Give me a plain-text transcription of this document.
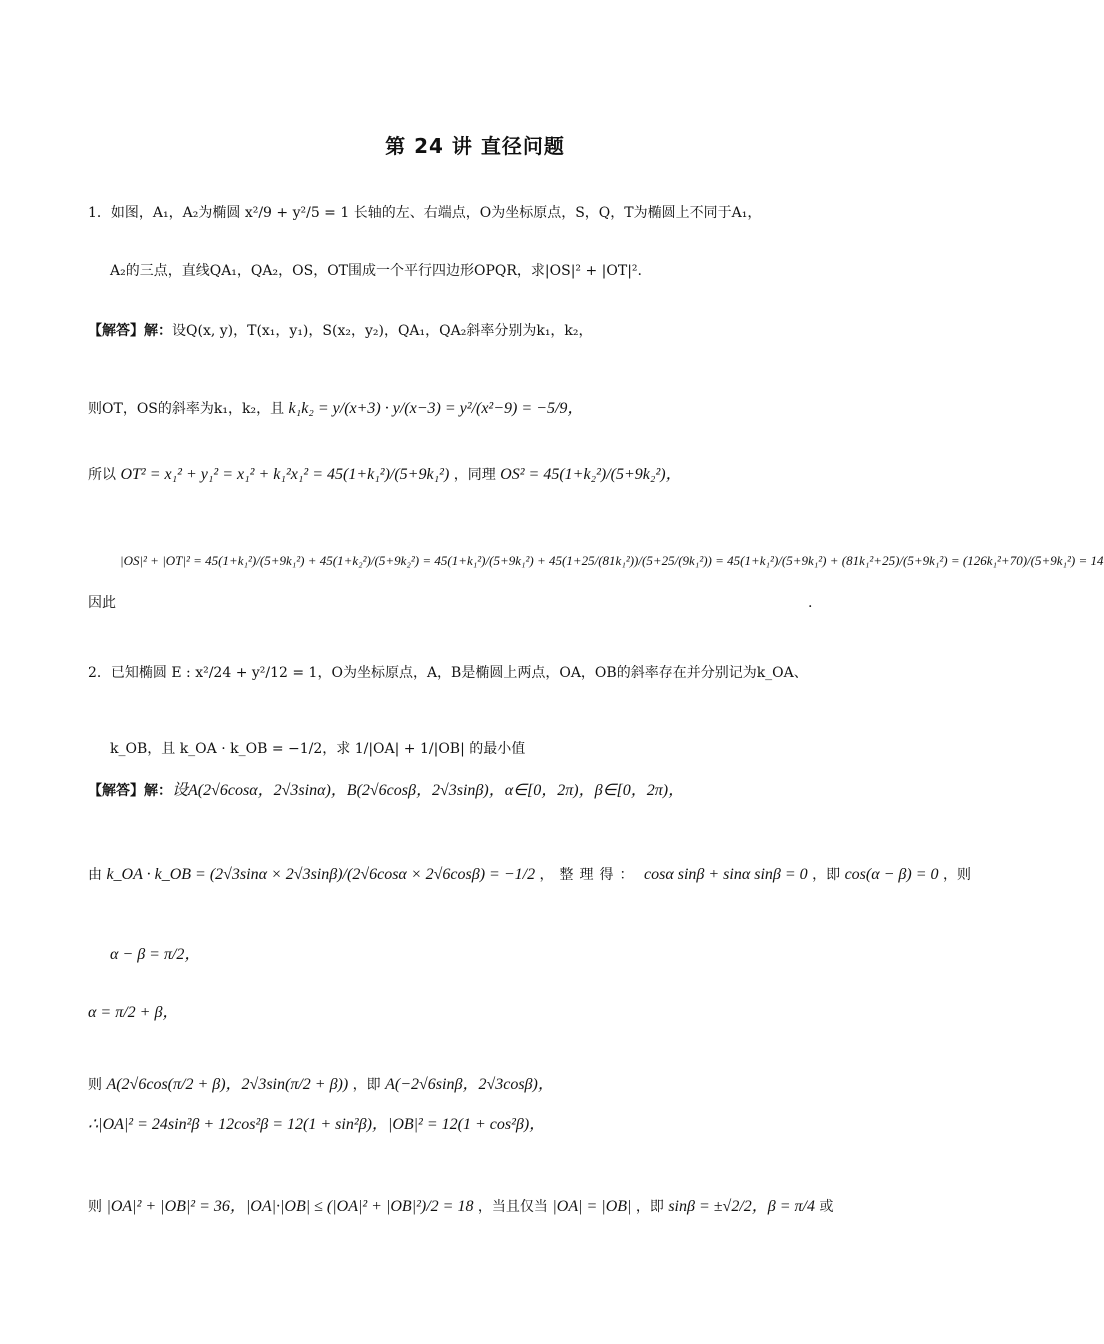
第 24 讲 直径问题
1．如图，A₁，A₂为椭圆 x²/9 + y²/5 = 1 长轴的左、右端点，O为坐标原点，S，Q，T为椭圆上不同于A₁，
A₂的三点，直线QA₁，QA₂，OS，OT围成一个平行四边形OPQR，求|OS|² + |OT|².
【解答】解：设Q(x, y)，T(x₁，y₁)，S(x₂，y₂)，QA₁，QA₂斜率分别为k₁，k₂，
则OT，OS的斜率为k₁，k₂，且 k₁k₂ = y/(x+3) · y/(x−3) = y²/(x²−9) = −5/9，
所以 OT² = x₁² + y₁² = x₁² + k₁²x₁² = 45(1+k₁²)/(5+9k₁²) ，同理 OS² = 45(1+k₂²)/(5+9k₂²)，
因此
|OS|² + |OT|² = 45(1+k₁²)/(5+9k₁²) + 45(1+k₂²)/(5+9k₂²) = 45(1+k₁²)/(5+9k₁²) + 45(1+25/(81k₁²))/(5+25/(9k₁²)) = 45(1+k₁²)/(5+9k₁²) + (81k₁²+25)/(5+9k₁²) = (126k₁²+70)/(5+9k₁²) = 14
.
2．已知椭圆 E : x²/24 + y²/12 = 1，O为坐标原点，A，B是椭圆上两点，OA，OB的斜率存在并分别记为k_OA、
k_OB，且 k_OA · k_OB = −1/2，求 1/|OA| + 1/|OB| 的最小值
【解答】解：设A(2√6cosα，2√3sinα)，B(2√6cosβ，2√3sinβ)，α∈[0，2π)，β∈[0，2π)，
由 k_OA · k_OB = (2√3sinα × 2√3sinβ)/(2√6cosα × 2√6cosβ) = −1/2 ，整理得： cosα sinβ + sinα sinβ = 0 ，即 cos(α − β) = 0 ，则
α − β = π/2，
α = π/2 + β，
则 A(2√6cos(π/2 + β)，2√3sin(π/2 + β)) ，即 A(−2√6sinβ，2√3cosβ)，
∴|OA|² = 24sin²β + 12cos²β = 12(1 + sin²β)，|OB|² = 12(1 + cos²β)，
则 |OA|² + |OB|² = 36，|OA|·|OB| ≤ (|OA|² + |OB|²)/2 = 18 ，当且仅当 |OA| = |OB| ，即 sinβ = ±√2/2，β = π/4 或
